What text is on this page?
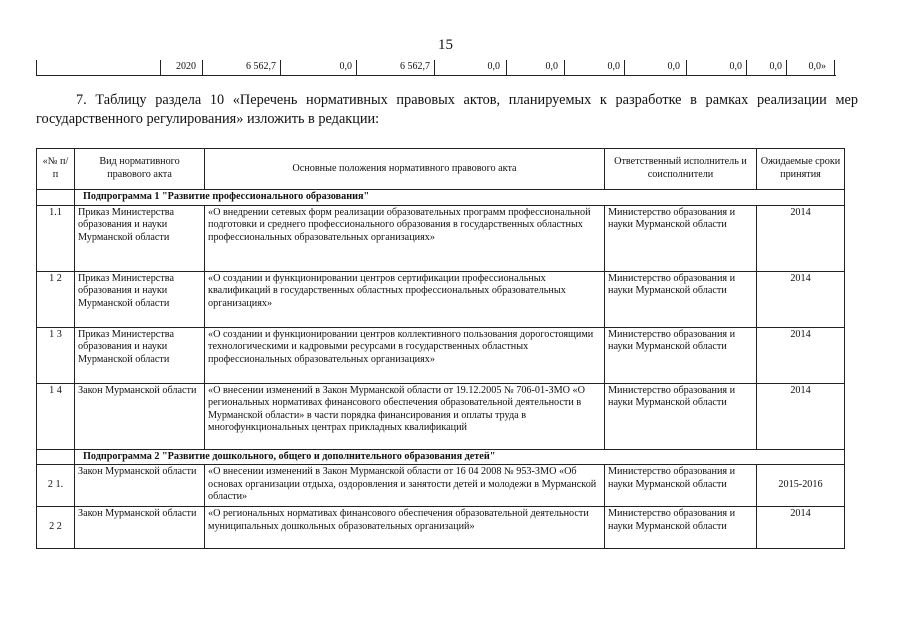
15
2020	6 562,7	0,0	6 562,7	0,0	0,0	0,0	0,0	0,0	0,0	0,0»
7. Таблицу раздела 10 «Перечень нормативных правовых актов, планируемых к разработке в рамках реализации мер государственного регулирования» изложить в редакции:
«№ п/п	Вид нормативного правового акта	Основные положения нормативного правового акта	Ответственный исполнитель и соисполнители	Ожидаемые сроки принятия
	Подпрограмма 1 "Развитие профессионального образования"			
1.1	Приказ Министерства образования и науки Мурманской области	«О внедрении сетевых форм реализации образовательных программ профессиональной подготовки и среднего профессионального образования в государственных областных профессиональных образовательных организациях»	Министерство образования и науки Мурманской области	2014
1 2	Приказ Министерства образования и науки Мурманской области	«О создании и функционировании центров сертификации профессиональных квалификаций в государственных областных профессиональных образовательных организациях»	Министерство образования и науки Мурманской области	2014
1 3	Приказ Министерства образования и науки Мурманской области	«О создании и функционировании центров коллективного пользования дорогостоящими технологическими и кадровыми ресурсами в государственных областных профессиональных образовательных организациях»	Министерство образования и науки Мурманской области	2014
1 4	Закон Мурманской области	«О внесении изменений в Закон Мурманской области от 19.12.2005 № 706-01-ЗМО «О региональных нормативах финансового обеспечения образовательной деятельности в Мурманской области» в части порядка финансирования и оплаты труда в многофункциональных центрах прикладных квалификаций	Министерство образования и науки Мурманской области	2014
	Подпрограмма 2 "Развитие дошкольного, общего и дополнительного образования детей"			
2 1.	Закон Мурманской области	«О внесении изменений в Закон Мурманской области от 16 04 2008 № 953-ЗМО «Об основах организации отдыха, оздоровления и занятости детей и молодежи в Мурманской области»	Министерство образования и науки Мурманской области	2015-2016
2 2	Закон Мурманской области	«О региональных нормативах финансового обеспечения образовательной деятельности муниципальных дошкольных образовательных организаций»	Министерство образования и науки Мурманской области	2014
